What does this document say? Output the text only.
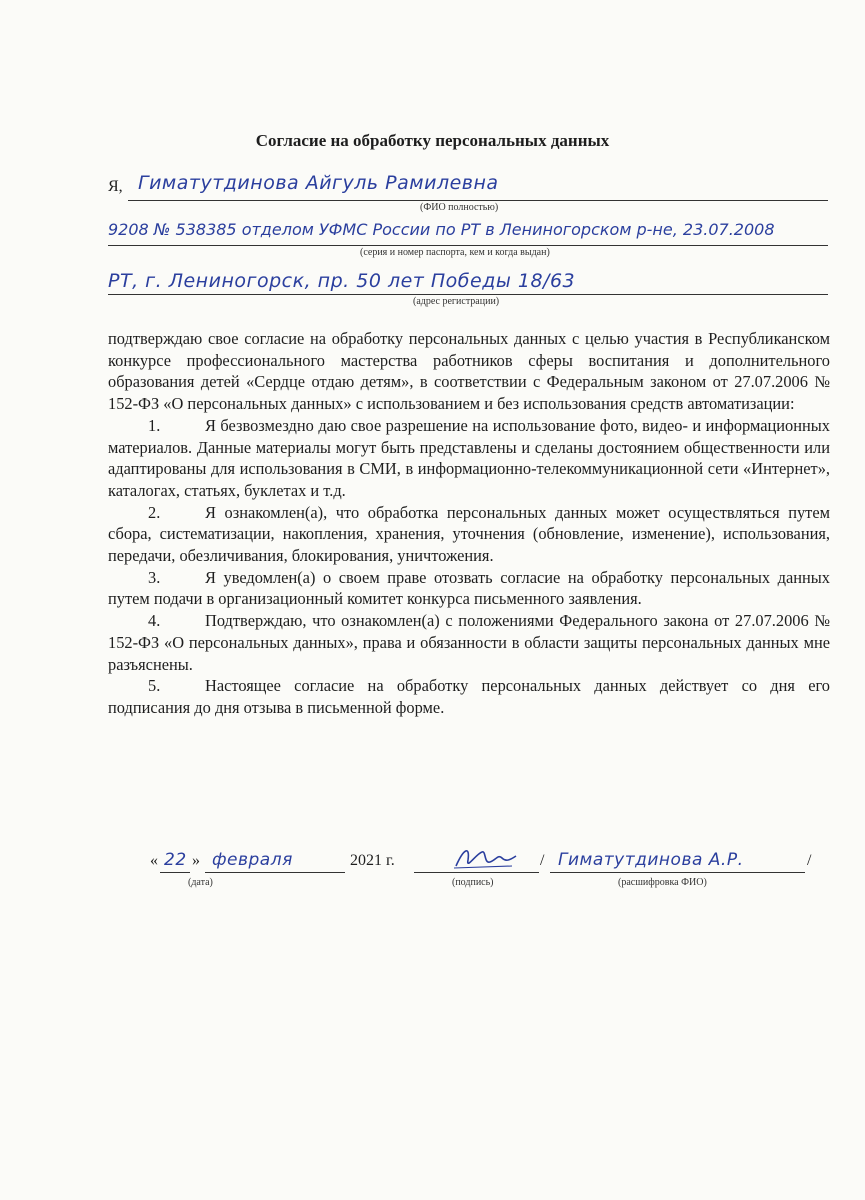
Согласие на обработку персональных данных
Я, Гиматутдинова Айгуль Рамилевна
(ФИО полностью)
9208 № 538385 отделом УФМС России по РТ в Лениногорском р-не, 23.07.2008
(серия и номер паспорта, кем и когда выдан)
РТ, г. Лениногорск, пр. 50 лет Победы 18/63
(адрес регистрации)

подтверждаю свое согласие на обработку персональных данных с целью участия в Республиканском конкурсе профессионального мастерства работников сферы воспитания и дополнительного образования детей «Сердце отдаю детям», в соответствии с Федеральным законом от 27.07.2006 № 152-ФЗ «О персональных данных» с использованием и без использования средств автоматизации:

1.	Я безвозмездно даю свое разрешение на использование фото, видео- и информационных материалов. Данные материалы могут быть представлены и сделаны достоянием общественности или адаптированы для использования в СМИ, в информационно-телекоммуникационной сети «Интернет», каталогах, статьях, буклетах и т.д.

2.	Я ознакомлен(а), что обработка персональных данных может осуществляться путем сбора, систематизации, накопления, хранения, уточнения (обновление, изменение), использования, передачи, обезличивания, блокирования, уничтожения.

3.	Я уведомлен(а) о своем праве отозвать согласие на обработку персональных данных путем подачи в организационный комитет конкурса письменного заявления.

4.	Подтверждаю, что ознакомлен(а) с положениями Федерального закона от 27.07.2006 № 152-ФЗ «О персональных данных», права и обязанности в области защиты персональных данных мне разъяснены.

5.	Настоящее согласие на обработку персональных данных действует со дня его подписания до дня отзыва в письменной форме.

« 22 » февраля	2021 г.	/ Гиматутдинова А.Р.	/
(дата)	(подпись)	(расшифровка ФИО)
